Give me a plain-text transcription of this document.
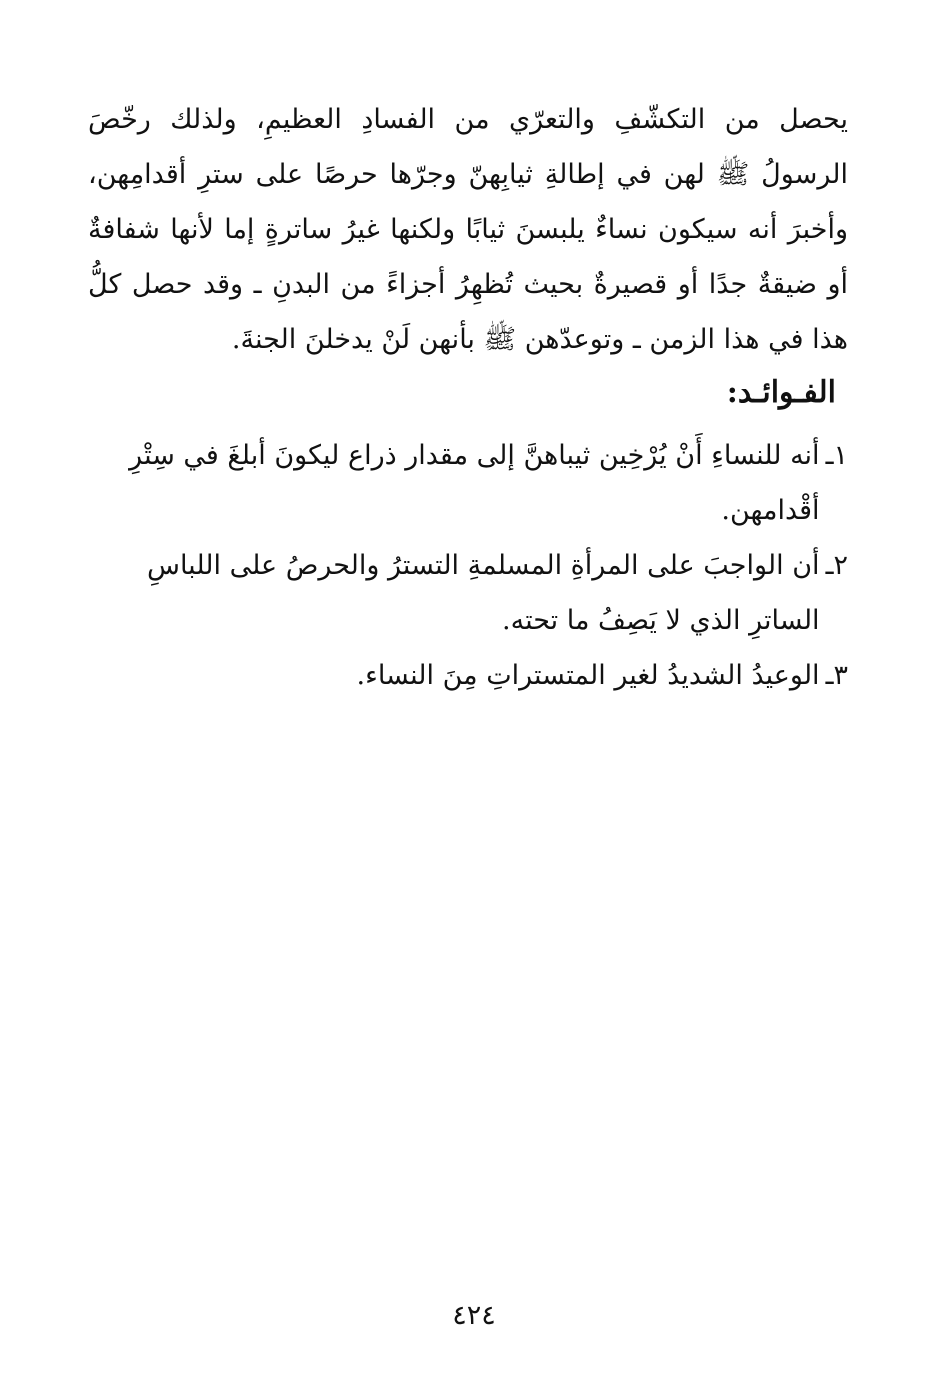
يحصل من التكشّفِ والتعرّي من الفسادِ العظيمِ، ولذلك رخّصَ الرسولُ ﷺ لهن في إطالةِ ثيابِهنّ وجرّها حرصًا على سترِ أقدامِهن، وأخبرَ أنه سيكون نساءٌ يلبسنَ ثيابًا ولكنها غيرُ ساترةٍ إما لأنها شفافةٌ أو ضيقةٌ جدًا أو قصيرةٌ بحيث تُظهِرُ أجزاءً من البدنِ ـ وقد حصل كلُّ هذا في هذا الزمن ـ وتوعدّهن ﷺ بأنهن لَنْ يدخلنَ الجنةَ.
الفـوائـد:
١ـ
أنه للنساءِ أَنْ يُرْخِين ثيباهنَّ إلى مقدار ذراع ليكونَ أبلغَ في سِتْرِ أقْدامهن.
٢ـ
أن الواجبَ على المرأةِ المسلمةِ التسترُ والحرصُ على اللباسِ الساترِ الذي لا يَصِفُ ما تحته.
٣ـ
الوعيدُ الشديدُ لغير المتستراتِ مِنَ النساء.
٤٢٤
